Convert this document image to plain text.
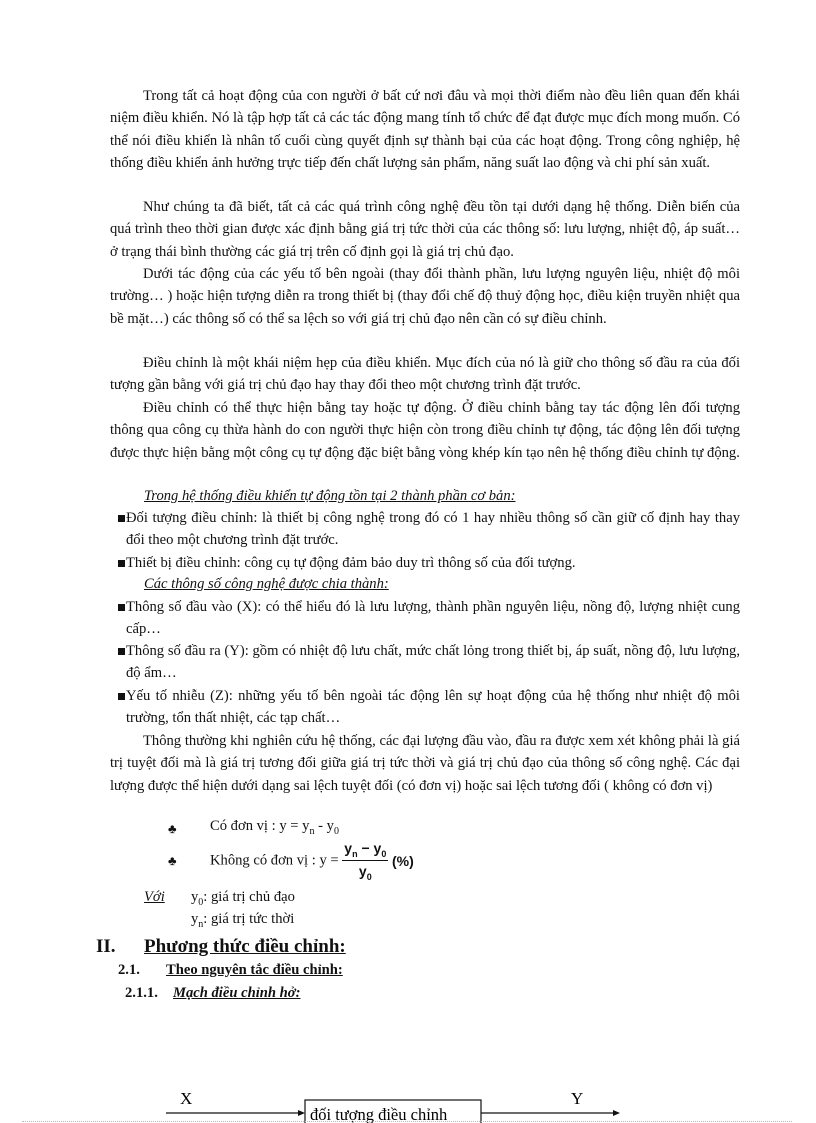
Trong tất cả hoạt động của con người ở bất cứ nơi đâu và mọi thời điểm nào đều liên quan đến khái niệm điều khiển. Nó là tập hợp tất cả các tác động mang tính tổ chức để đạt được mục đích mong muốn. Có thể nói điều khiển là nhân tố cuối cùng quyết định sự thành bại của các hoạt động. Trong công nghiệp, hệ thống điều khiển ảnh hưởng trực tiếp đến chất lượng sản phẩm, năng suất lao động và chi phí sản xuất.

Như chúng ta đã biết, tất cả các quá trình công nghệ đều tồn tại dưới dạng hệ thống. Diễn biến của quá trình theo thời gian được xác định bằng giá trị tức thời của các thông số: lưu lượng, nhiệt độ, áp suất… ở trạng thái bình thường các giá trị trên cố định gọi là giá trị chủ đạo.

Dưới tác động của các yếu tố bên ngoài (thay đổi thành phần, lưu lượng nguyên liệu, nhiệt độ môi trường… ) hoặc hiện tượng diễn ra trong thiết bị (thay đổi chế độ thuỷ động học, điều kiện truyền nhiệt qua bề mặt…) các thông số có thể sa lệch so với giá trị chủ đạo nên cần có sự điều chỉnh.

Điều chỉnh là một khái niệm hẹp của điều khiển. Mục đích của nó là giữ cho thông số đầu ra của đối tượng gần bằng với giá trị chủ đạo hay thay đổi theo một chương trình đặt trước.

Điều chỉnh có thể thực hiện bằng tay hoặc tự động. Ở điều chỉnh bằng tay tác động lên đối tượng thông qua công cụ thừa hành do con người thực hiện còn trong điều chỉnh tự động, tác động lên đối tượng được thực hiện bằng một công cụ tự động đặc biệt bằng vòng khép kín tạo nên hệ thống điều chỉnh tự động.

Trong hệ thống điều khiển tự động tồn tại 2 thành phần cơ bản:
Đối tượng điều chỉnh: là thiết bị công nghệ trong đó có 1 hay nhiều thông số cần giữ cố định hay thay đổi theo một chương trình đặt trước.
Thiết bị điều chỉnh: công cụ tự động đảm bảo duy trì thông số của đối tượng.
Các thông số công nghệ được chia thành:
Thông số đầu vào (X): có thể hiểu đó là lưu lượng, thành phần nguyên liệu, nồng độ, lượng nhiệt cung cấp…
Thông số đầu ra (Y): gồm có nhiệt độ lưu chất, mức chất lỏng trong thiết bị, áp suất, nồng độ, lưu lượng, độ ẩm…
Yếu tố nhiễu (Z): những yếu tố bên ngoài tác động lên sự hoạt động của hệ thống như nhiệt độ môi trường, tổn thất nhiệt, các tạp chất…

Thông thường khi nghiên cứu hệ thống, các đại lượng đầu vào, đầu ra được xem xét không phải là giá trị tuyệt đối mà là giá trị tương đối giữa giá trị tức thời và giá trị chủ đạo của thông số công nghệ. Các đại lượng được thể hiện dưới dạng sai lệch tuyệt đối (có đơn vị) hoặc sai lệch tương đối ( không có đơn vị)

♣ Có đơn vị : $y = y_n - y_0$
♣ Không có đơn vị : $y = \frac{y_n - y_0}{y_0}$ (%)
Với $y_0$: giá trị chủ đạo
$y_n$: giá trị tức thời
II. Phương thức điều chỉnh:
2.1. Theo nguyên tắc điều chỉnh:
2.1.1. Mạch điều chỉnh hở:
X
đối tượng điều chỉnh
Y
